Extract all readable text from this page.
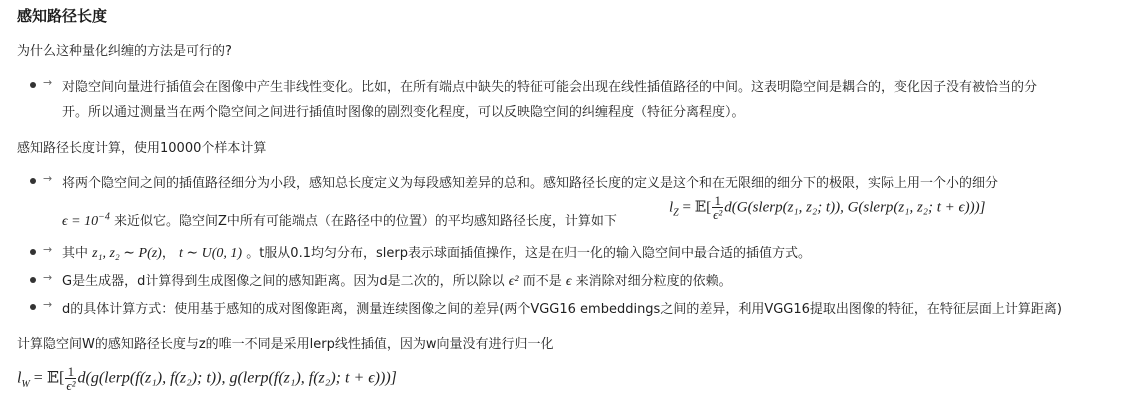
感知路径长度
为什么这种量化纠缠的方法是可行的?
→ 对隐空间向量进行插值会在图像中产生非线性变化。比如，在所有端点中缺失的特征可能会出现在线性插值路径的中间。这表明隐空间是耦合的，变化因子没有被恰当的分
开。所以通过测量当在两个隐空间之间进行插值时图像的剧烈变化程度，可以反映隐空间的纠缠程度（特征分离程度）。
感知路径长度计算，使用10000个样本计算
→ 将两个隐空间之间的插值路径细分为小段，感知总长度定义为每段感知差异的总和。感知路径长度的定义是这个和在无限细的细分下的极限，实际上用一个小的细分
$\epsilon = 10^{-4}$ 来近似它。隐空间Z中所有可能端点（在路径中的位置）的平均感知路径长度，计算如下
$l_Z$ = 𝔼[ $\frac{1}{\text{ϵ²}}$ d(G(slerp(z₁, z₂; t)), G(slerp(z₁, z₂; t + ϵ)))]
→ 其中 z₁, z₂ ∼ P(z)， t ∼ U(0, 1) 。t服从0.1均匀分布，slerp表示球面插值操作，这是在归一化的输入隐空间中最合适的插值方式。
→ G是生成器，d计算得到生成图像之间的感知距离。因为d是二次的，所以除以 ϵ² 而不是 ϵ 来消除对细分粒度的依赖。
→ d的具体计算方式：使用基于感知的成对图像距离，测量连续图像之间的差异(两个VGG16 embeddings之间的差异，利用VGG16提取出图像的特征，在特征层面上计算距离)
计算隐空间W的感知路径长度与z的唯一不同是采用lerp线性插值，因为w向量没有进行归一化
$l_W$ = 𝔼[ $\frac{1}{\text{ϵ²}}$ d(g(lerp(f(z₁), f(z₂); t)), g(lerp(f(z₁), f(z₂); t + ϵ)))]
